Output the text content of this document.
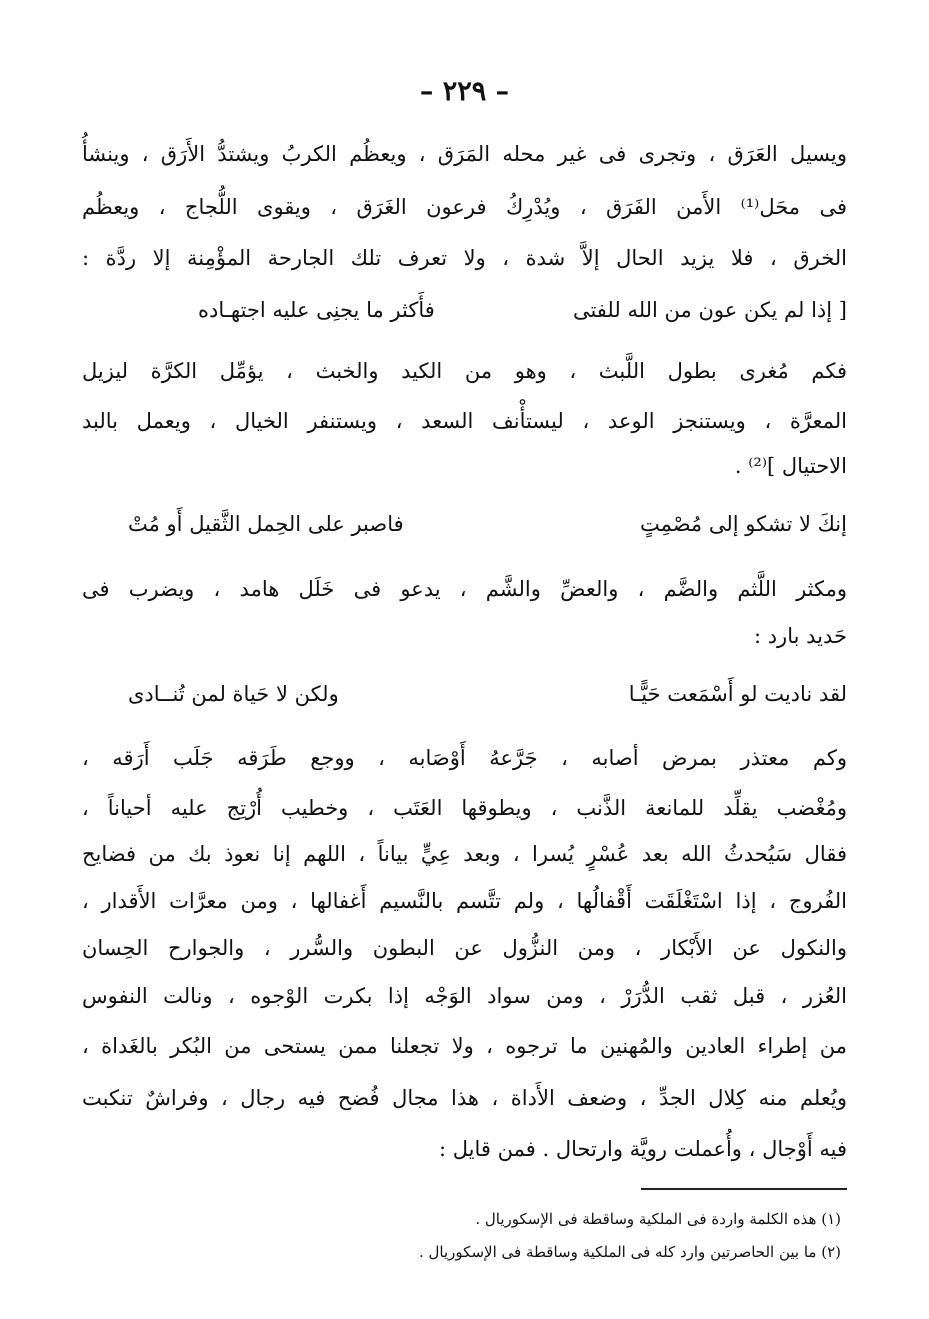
– ٢٢٩ –
ويسيل العَرَق ، وتجرى فى غير محله المَرَق ، ويعظُم الكربُ ويشتدُّ الأَرَق ، وينشأُ
فى محَل⁽¹⁾ الأَمن الفَرَق ، ويُدْرِكُ فرعون الغَرَق ، ويقوى اللُّجاج ، ويعظُم
الخرق ، فلا يزيد الحال إلاَّ شدة ، ولا تعرف تلك الجارحة المؤْمِنة إلا ردَّة :
[ إذا لم يكن عون من الله للفتى
فأَكثر ما يجنِى عليه اجتهـاده
فكم مُغرى بطول اللَّبث ، وهو من الكيد والخبث ، يؤمِّل الكرَّة ليزيل
المعرَّة ، ويستنجز الوعد ، ليستأْنف السعد ، ويستنفر الخيال ، ويعمل بالبد
الاحتيال ]⁽²⁾ .
إنكَ لا تشكو إلى مُصْمِتٍ
فاصبر على الحِمل الثَّقيل أَو مُتْ
ومكثر اللَّثم والضَّم ، والعضِّ والشَّم ، يدعو فى خَلَل هامد ، ويضرب فى
حَديد بارد :
لقد ناديت لو أَسْمَعت حَيًّـا
ولكن لا حَياة لمن تُنــادى
وكم معتذر بمرض أصابه ، جَرَّعهُ أَوْصَابه ، ووجع طَرَقه جَلَب أَرَقه ،
ومُغْضب يقلِّد للمانعة الذَّنب ، ويطوقها العَتَب ، وخطيب أُرْتِج عليه أحياناً ،
فقال سَيُحدثُ الله بعد عُسْرٍ يُسرا ، وبعد عِيٍّ بياناً ، اللهم إنا نعوذ بك من فضايح
الفُروج ، إذا اسْتَغْلَقَت أَقْفالُها ، ولم تتَّسم بالنَّسيم أَغفالها ، ومن معرَّات الأَقدار ،
والنكول عن الأَبْكار ، ومن النزُّول عن البطون والسُّرر ، والجوارح الحِسان
العُزر ، قبل ثقب الدُّرَرْ ، ومن سواد الوَجْه إذا بكرت الوْجوه ، ونالت النفوس
من إطراء العادين والمُهنين ما ترجوه ، ولا تجعلنا ممن يستحى من البُكر بالغَداة ،
ويُعلم منه كِلال الجدِّ ، وضعف الأَداة ، هذا مجال فُضح فيه رجال ، وفراشٌ تنكبت
فيه أَوْجال ، وأُعملت رويَّة وارتحال . فمن قايل :
(١) هذه الكلمة واردة فى الملكية وساقطة فى الإسكوريال .
(٢) ما بين الحاصرتين وارد كله فى الملكية وساقطة فى الإسكوريال .
